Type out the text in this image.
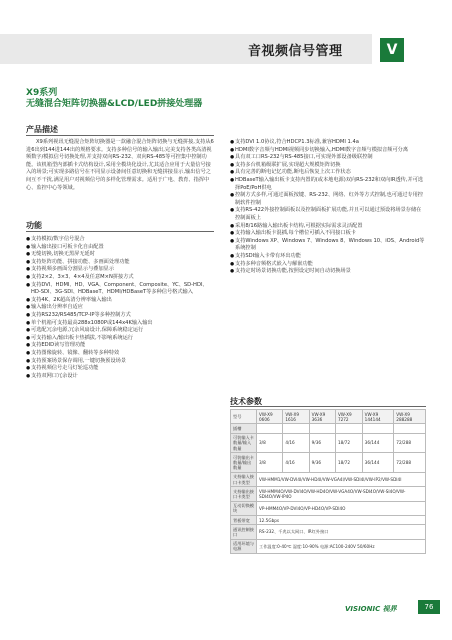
音视频信号管理	V
X9系列
无缝混合矩阵切换器&LCD/LED拼接处理器
产品描述
X9系列视讯无缝混合矩阵切换器是一款融合混合矩阵切换与无缝拼接,支持从6进6出到144进144出的规格要求。支持多种信号的输入输出,完美支持各类高清视频数字/模拟信号切换处理,并支持双向RS-232、双向RS-485等可控集中控制功能。该机箱型内部插卡式结构设计,采用全模块化设计,尤其适合应用于大量信号接入的场景;可实现多路信号在不同显示设备间任意切换和无缝拼接显示,输出信号之间互不干扰,满足用户对视频信号的多样化管理需求。适用于广电、教育、指挥中心、监控中心等领域。
功能

● 支持模拟/数字信号混合

● 输入输出接口可板卡化自由配置

● 无缝切换,切换无黑屏无延时

● 支持矩阵功能、拼接功能、多画面处理功能

● 支持视频多画面分割显示与叠加显示

● 支持2×2、3×3、4×4及任意M×N拼接方式

● 支持DVI、HDMI、HD、VGA、Component、Composite、YC、SD-HDI、HD-SDI、3G-SDI、HDBaseT、HDMI/HDBaseT等多种信号格式输入

● 支持4K、2K超高清分辨率输入输出

● 输入输出分辨率自适应

● 支持RS232/RS485/TCP-IP等多种控制方式

● 单个机箱可支持最高288x1080P或144x4K输入输出

● 可选配冗余电源,冗余风扇设计,保障系统稳定运行

● 可支持输入/输出板卡热插拔,不影响系统运行

● 支持EDID读写管理功能

● 支持图像旋转、镜像、翻转等多种特效

● 支持预案场景保存调用,一键切换预设场景

● 支持视频信号走马灯轮巡功能

● 支持双网口冗余设计

● 支持DVI 1.0协议,符合HDCP1.3标准,兼容HDMI 1.4a

● HDMI数字音频与HDMI视频同步切换输入,HDMI数字音频与模拟音频可分离

● 具有双工口RS-232与RS-485接口,可实现外部设备级联控制

● 支持多台机箱级联扩展,实现超大规模矩阵切换

● 具有完善的断电记忆功能,断电后恢复上次工作状态

● HDBaseT输入输出板卡支持内置的(或本地电源)双向RS-232和双向IR透传,并可选择PoE/PoH供电

● 控制方式多样,可通过面板按键、RS-232、网络、红外等方式控制,也可通过专用控制软件控制

● 支持RS-422外接控制面板以及控制面板扩展功能,并且可以通过预设将场景存储在控制面板上

● 采用8/16路输入输出板卡结构,可根据实际需求灵活配置

● 支持输入输出板卡混插,每个槽位可插入不同接口板卡

● 支持Windows XP、Windows 7、Windows 8、Windows 10、iOS、Android等系统控制

● 支持SDI输入卡带有环出功能

● 支持多种音频格式嵌入与解嵌功能

● 支持定时场景切换功能,按照设定时间自动切换场景

技术参数
型号	VW-X9 0606	VW-X9 1616	VW-X9 3636	VW-X9 7272	VW-X9 144144	VW-X9 288288
插槽						
可装输入卡数量/输入数量	3/8	4/16	9/36	18/72	36/144	72/288
可装输出卡数量/输出数量	3/8	4/16	9/36	18/72	36/144	72/288
支持输入接口卡类型	VW-HMM1/VW-DVI4I/VW-HD4I/VW-VGA4I/VW-SDI4I/VW-IP2/VW-SDI4I					
支持输出接口卡类型	VW-HMM4O/VW-DVI4O/VW-HD4O/VW-VGA4O/VW-SDI4O/VW-SI4O/VW-SDI4O/VW-IP4O					
互动切换模块	VP-HMM4O/VP-DVI4O/VP-HD4O/VP-SDI4O					
背板带宽	12.5Gbps					
通讯控制接口	RS-232、千兆以太网口、IR红外接口					
适用环境与电源	工作温度:0-40℃ 湿度:10-90% 电源:AC100-240V 50/60Hz					
VISIONIC 视界	76
